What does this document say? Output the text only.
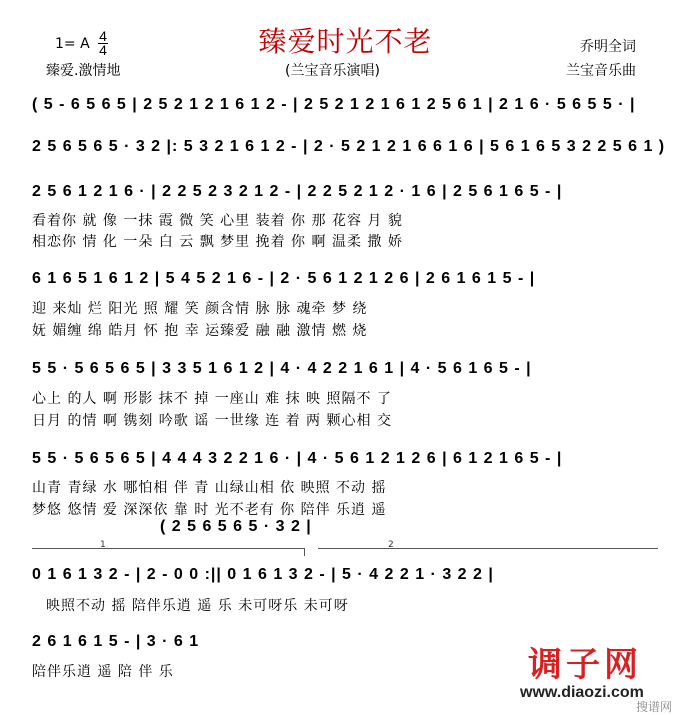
臻爱时光不老
1= A 4
4	乔明全词
臻爱.激情地	(兰宝音乐演唱)	兰宝音乐曲
( 5 - 6 5 6 5 | 2 5 2 1 2 1 6 1 2 - | 2 5 2 1 2 1 6 1 2 5 6 1 | 2 1 6 · 5 6 5 5 · |
2 5 6 5 6 5 · 3 2 |: 5 3 2 1 6 1 2 - | 2 · 5 2 1 2 1 6 6 1 6 | 5 6 1 6 5 3 2 2 5 6 1 )
2 5 6 1 2 1 6 · | 2 2 5 2 3 2 1 2 - | 2 2 5 2 1 2 · 1 6 | 2 5 6 1 6 5 - |
看着你 就 像 一抹 霞 微 笑 心里 装着 你 那 花容 月 貌
相恋你 情 化 一朵 白 云 飘 梦里 挽着 你 啊 温柔 撒 娇
6 1 6 5 1 6 1 2 | 5 4 5 2 1 6 - | 2 · 5 6 1 2 1 2 6 | 2 6 1 6 1 5 - |
迎 来灿 烂 阳光 照 耀 笑 颜含情 脉 脉 魂牵 梦 绕
妩 媚缠 绵 皓月 怀 抱 幸 运臻爱 融 融 激情 燃 烧
5 5 · 5 6 5 6 5 | 3 3 5 1 6 1 2 | 4 · 4 2 2 1 6 1 | 4 · 5 6 1 6 5 - |
心上 的人 啊 形影 抹不 掉 一座山 难 抹 映 照隔不 了
日月 的情 啊 镌刻 吟歌 谣 一世缘 连 着 两 颗心相 交
5 5 · 5 6 5 6 5 | 4 4 4 3 2 2 1 6 · | 4 · 5 6 1 2 1 2 6 | 6 1 2 1 6 5 - |
山青 青绿 水 哪怕相 伴 青 山绿山相 依 映照 不动 摇
梦悠 悠情 爱 深深依 靠 时 光不老有 你 陪伴 乐逍 遥
( 2 5 6 5 6 5 · 3 2 |
1	2
0 1 6 1 3 2 - | 2 - 0 0 :|| 0 1 6 1 3 2 - | 5 · 4 2 2 1 · 3 2 2 |
映照不动 摇 陪伴乐逍 遥 乐 未可呀乐 未可呀
2 6 1 6 1 5 - | 3 · 6 1
陪伴乐逍 遥 陪 伴 乐	调子网
www.diaozi.com
搜谱网
